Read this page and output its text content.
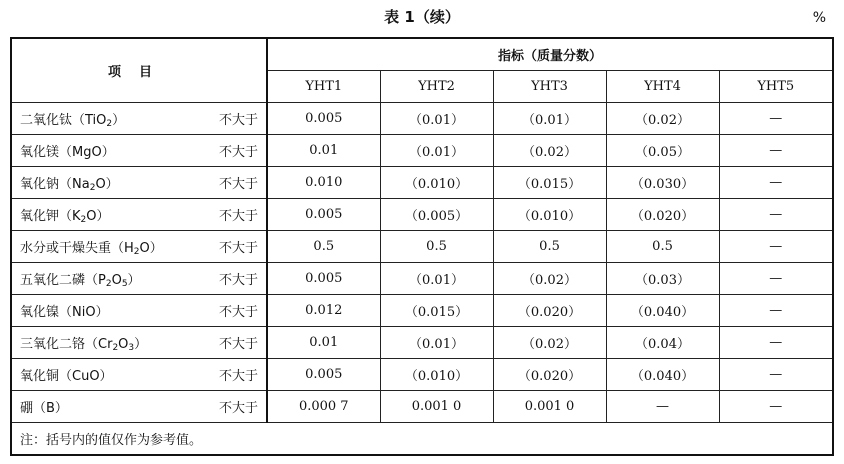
表 1（续）	%
项目		指标（质量分数）				
		YHT1	YHT2	YHT3	YHT4	YHT5
二氧化钛（TiO$_2$）	不大于	0.005	（0.01）	（0.01）	（0.02）	—
氧化镁（MgO）	不大于	0.01	（0.01）	（0.02）	（0.05）	—
氧化钠$(Na_2O)$	不大于	0.010	（0.010）	（0.015）	（0.030）	—
氧化钾$(K_2O)$	不大于	0.005	（0.005）	（0.010）	（0.020）	—
水分或干燥失重$(H_2O)$	不大于	0.5	0.5	0.5	0.5	—
五氧化二磷$(P_2O_5)$	不大于	0.005	（0.01）	（0.02）	（0.03）	—
氧化镍（NiO）	不大于	0.012	（0.015）	（0.020）	（0.040）	—
三氧化二铬$(Cr_2O_3)$	不大于	0.01	（0.01）	（0.02）	（0.04）	—
氧化铜（CuO）	不大于	0.005	（0.010）	（0.020）	（0.040）	—
硼（B）	不大于	0.000 7	0.001 0	0.001 0	—	—
注：括号内的值仅作为参考值。						
